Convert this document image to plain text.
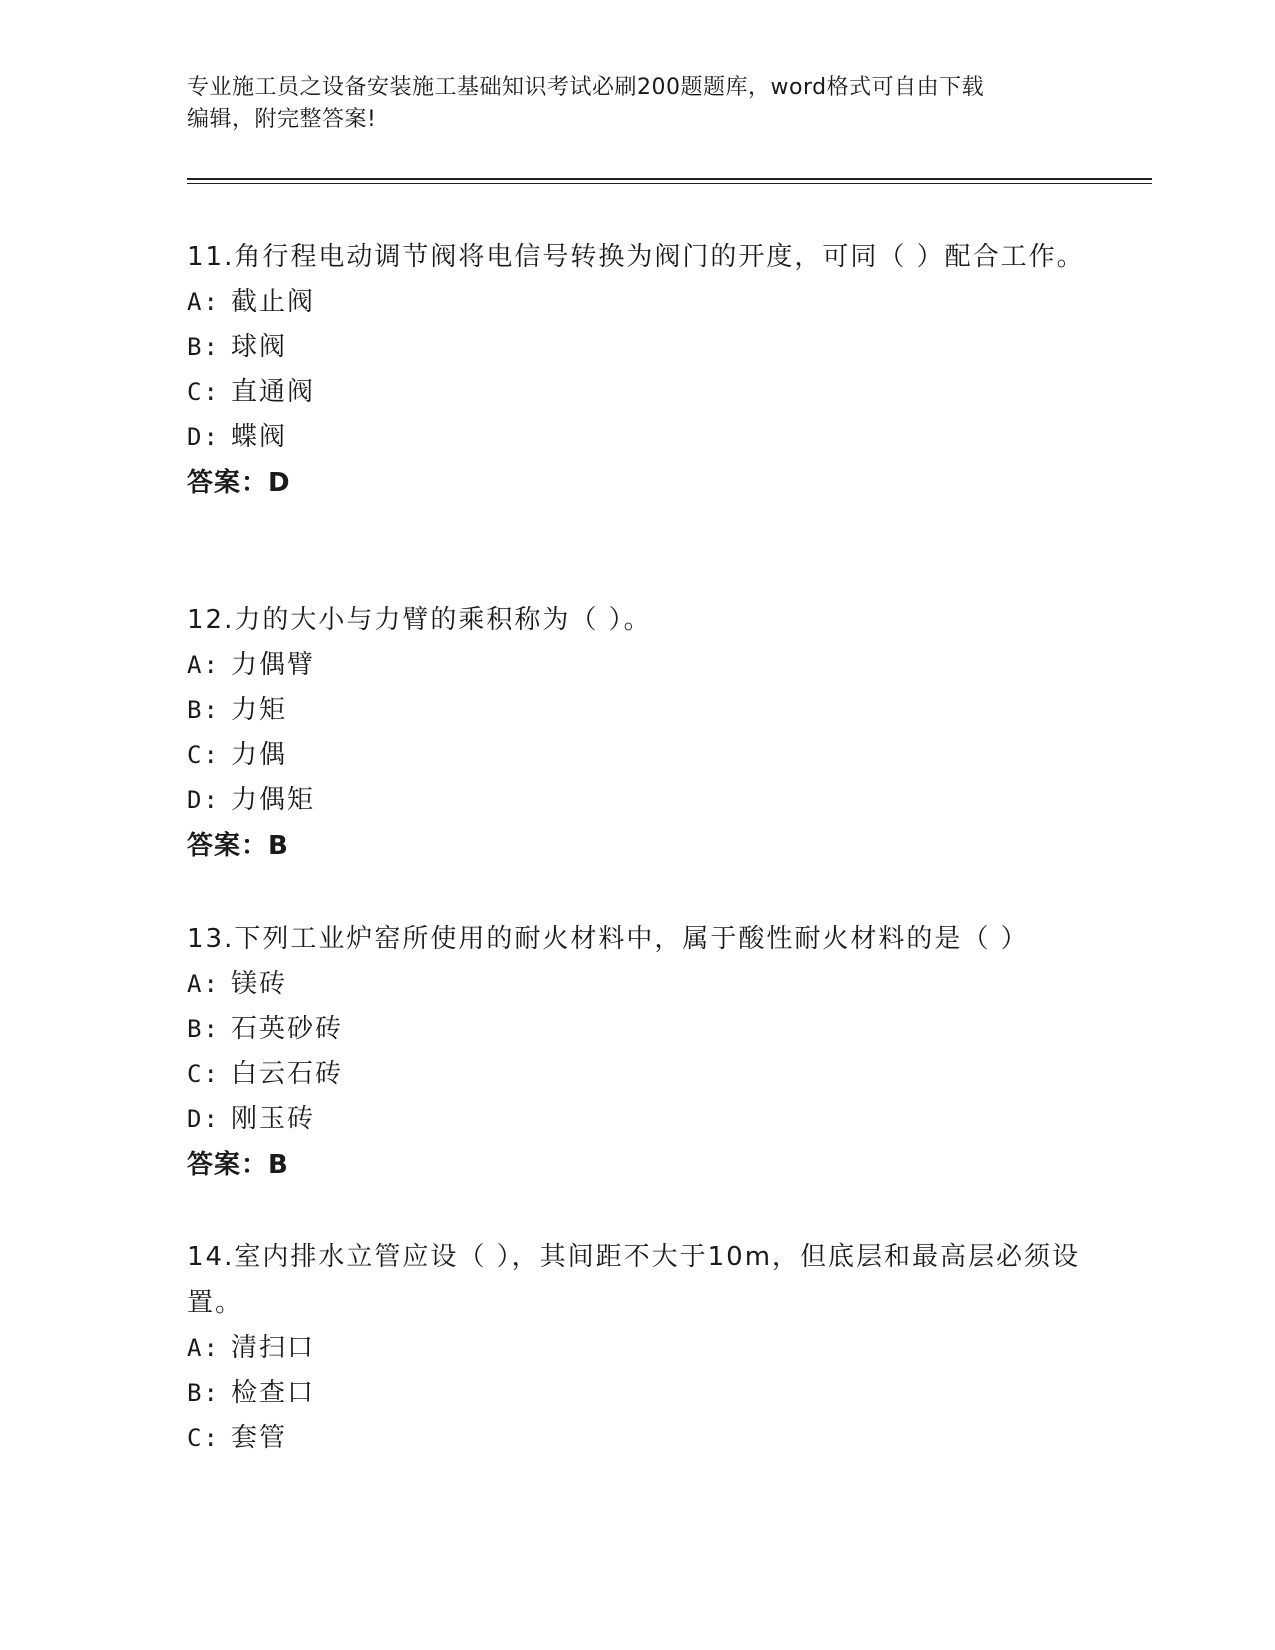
专业施工员之设备安装施工基础知识考试必刷200题题库，word格式可自由下载
编辑，附完整答案!

11.角行程电动调节阀将电信号转换为阀门的开度，可同（ ）配合工作。

A: 截止阀
B: 球阀
C: 直通阀
D: 蝶阀
答案：D

12.力的大小与力臂的乘积称为（ ）。

A: 力偶臂
B: 力矩
C: 力偶
D: 力偶矩
答案：B

13.下列工业炉窑所使用的耐火材料中，属于酸性耐火材料的是（ ）

A: 镁砖
B: 石英砂砖
C: 白云石砖
D: 刚玉砖
答案：B

14.室内排水立管应设（ ），其间距不大于10m，但底层和最高层必须设置。

A: 清扫口
B: 检查口
C: 套管
